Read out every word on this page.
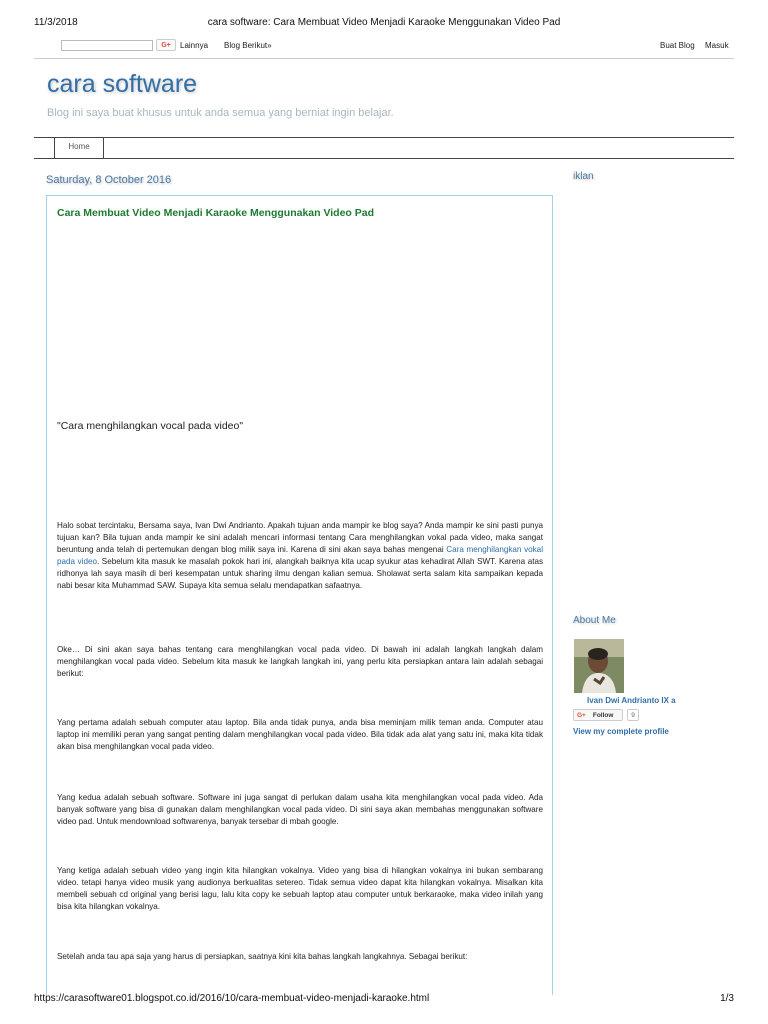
11/3/2018	cara software: Cara Membuat Video Menjadi Karaoke Menggunakan Video Pad
G+	Lainnya Blog Berikut»	Buat Blog Masuk
cara software
Blog ini saya buat khusus untuk anda semua yang berniat ingin belajar.
Home
Saturday, 8 October 2016
Cara Membuat Video Menjadi Karaoke Menggunakan Video Pad
"Cara menghilangkan vocal pada video"

Halo sobat tercintaku, Bersama saya, Ivan Dwi Andrianto. Apakah tujuan anda mampir ke blog saya? Anda mampir ke sini pasti punya tujuan kan? Bila tujuan anda mampir ke sini adalah mencari informasi tentang Cara menghilangkan vokal pada video, maka sangat beruntung anda telah di pertemukan dengan blog milik saya ini. Karena di sini akan saya bahas mengenai Cara menghilangkan vokal pada video. Sebelum kita masuk ke masalah pokok hari ini, alangkah baiknya kita ucap syukur atas kehadirat Allah SWT. Karena atas ridhonya lah saya masih di beri kesempatan untuk sharing ilmu dengan kalian semua. Sholawat serta salam kita sampaikan kepada nabi besar kita Muhammad SAW. Supaya kita semua selalu mendapatkan safaatnya.

Oke… Di sini akan saya bahas tentang cara menghilangkan vocal pada video. Di bawah ini adalah langkah langkah dalam menghilangkan vocal pada video. Sebelum kita masuk ke langkah langkah ini, yang perlu kita persiapkan antara lain adalah sebagai berikut:

Yang pertama adalah sebuah computer atau laptop. Bila anda tidak punya, anda bisa meminjam milik teman anda. Computer atau laptop ini memiliki peran yang sangat penting dalam menghilangkan vocal pada video. Bila tidak ada alat yang satu ini, maka kita tidak akan bisa menghilangkan vocal pada video.

Yang kedua adalah sebuah software. Software ini juga sangat di perlukan dalam usaha kita menghilangkan vocal pada video. Ada banyak software yang bisa di gunakan dalam menghilangkan vocal pada video. Di sini saya akan membahas menggunakan software video pad. Untuk mendownload softwarenya, banyak tersebar di mbah google.

Yang ketiga adalah sebuah video yang ingin kita hilangkan vokalnya. Video yang bisa di hilangkan vokalnya ini bukan sembarang video. tetapi hanya video musik yang audionya berkualitas setereo. Tidak semua video dapat kita hilangkan vokalnya. Misalkan kita membeli sebuah cd original yang berisi lagu, lalu kita copy ke sebuah laptop atau computer untuk berkaraoke, maka video inilah yang bisa kita hilangkan vokalnya.

Setelah anda tau apa saja yang harus di persiapkan, saatnya kini kita bahas langkah langkahnya. Sebagai berikut:

iklan
About Me
Ivan Dwi Andrianto IX a
G+ Follow	9
View my complete profile
https://carasoftware01.blogspot.co.id/2016/10/cara-membuat-video-menjadi-karaoke.html	1/3
